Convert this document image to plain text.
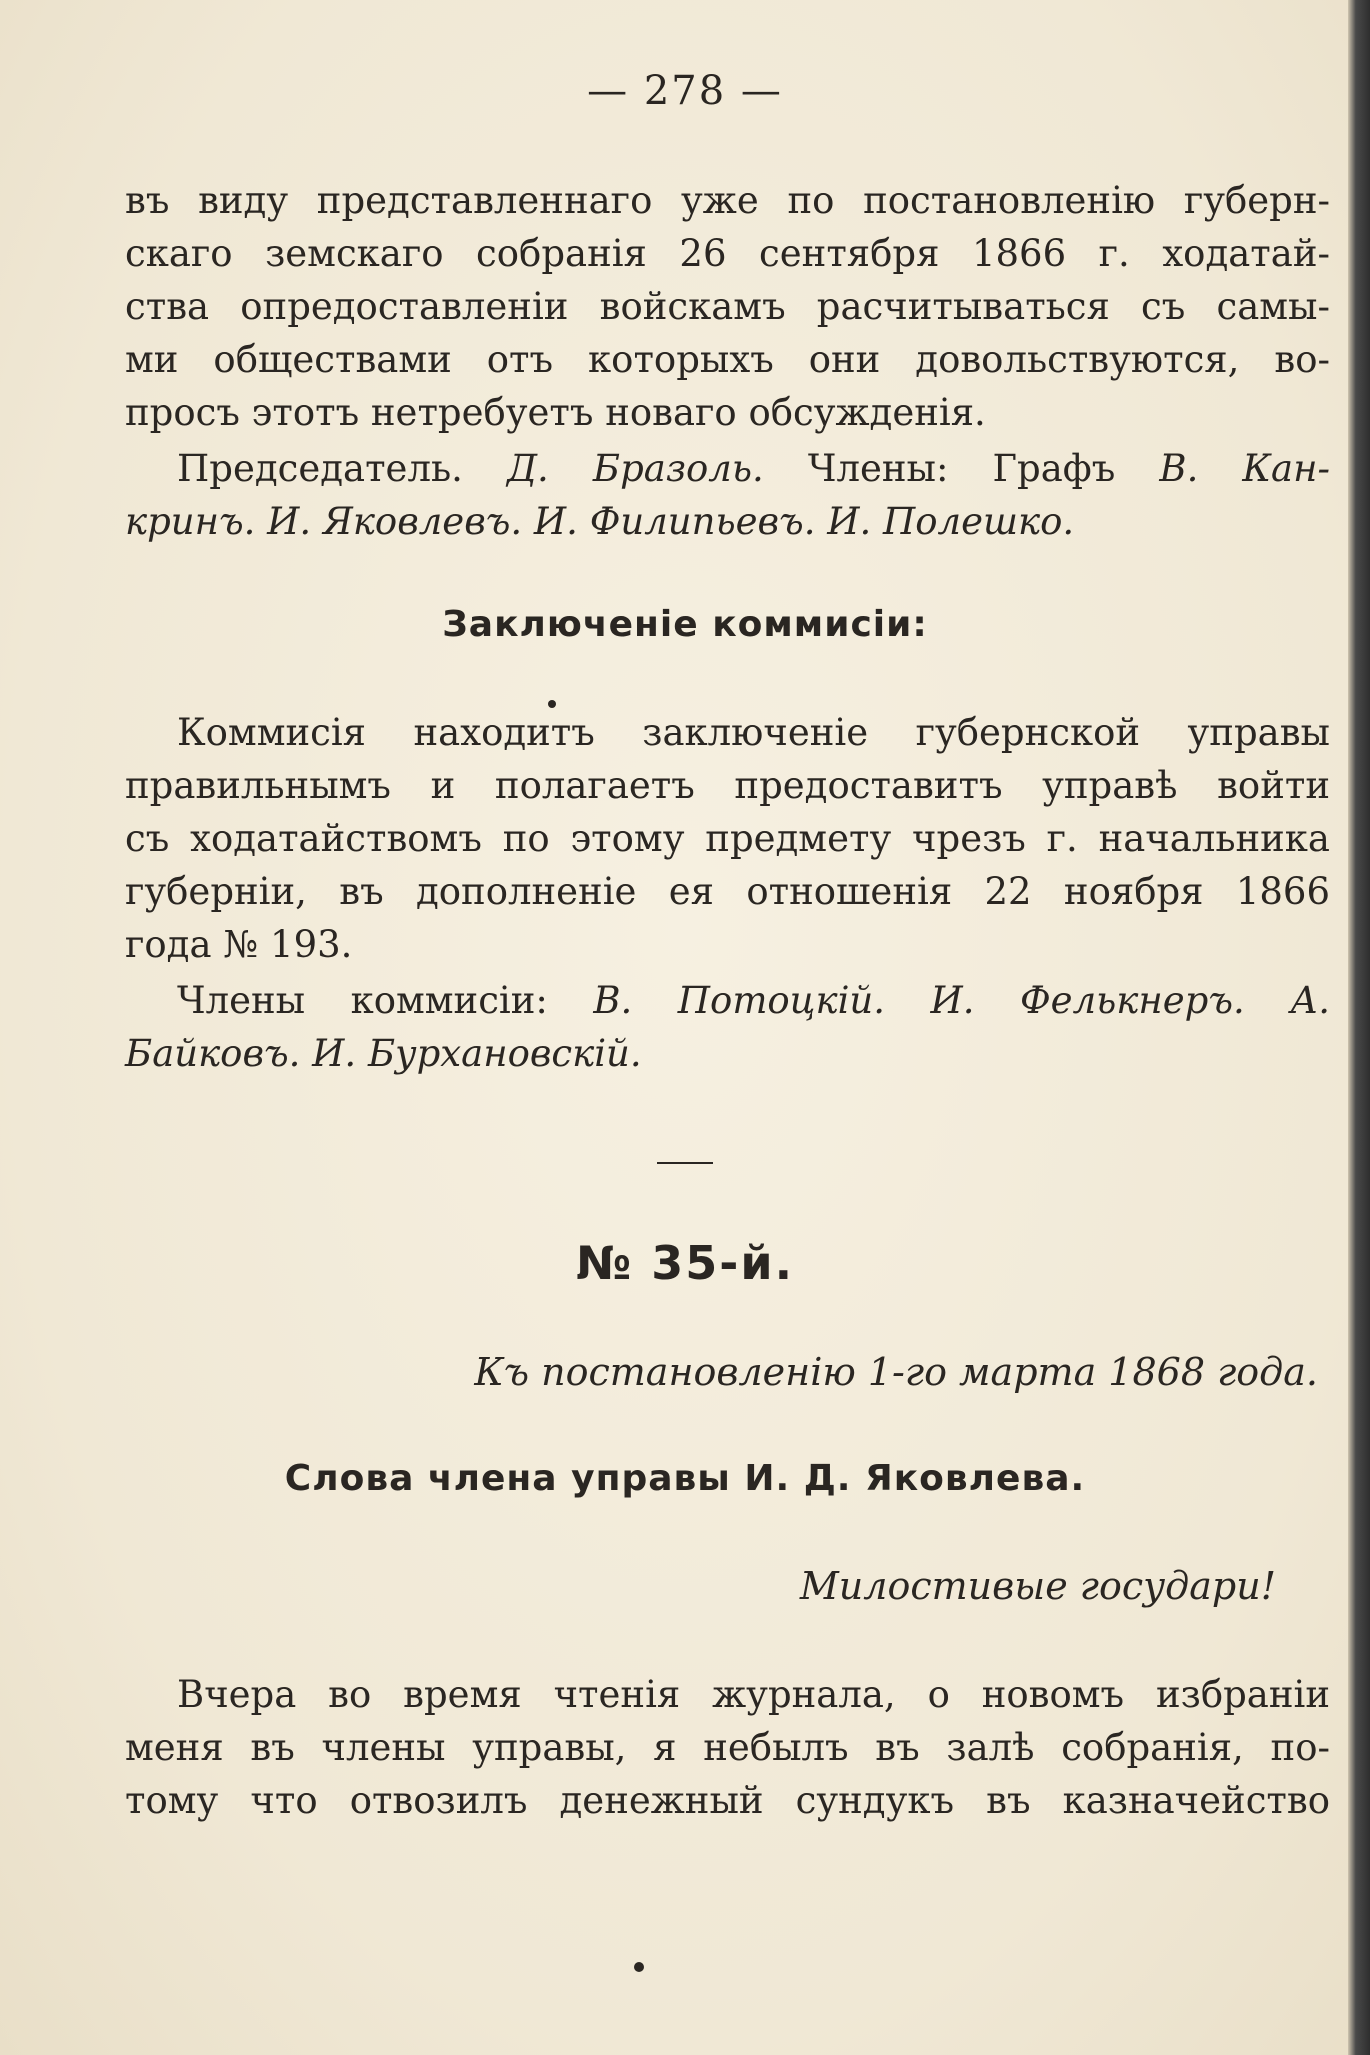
— 278 —
въ виду представленнаго уже по постановленію губерн-
скаго земскаго собранія 26 сентября 1866 г. ходатай-
ства опредоставленіи войскамъ расчитываться съ самы-
ми обществами отъ которыхъ они довольствуются, во-
просъ этотъ нетребуетъ новаго обсужденія.
Председатель. Д. Бразоль. Члены: Графъ В. Кан-
кринъ. И. Яковлевъ. И. Филипьевъ. И. Полешко.
Заключеніе коммисіи:
Коммисія находитъ заключеніе губернской управы
правильнымъ и полагаетъ предоставитъ управѣ войти
съ ходатайствомъ по этому предмету чрезъ г. начальника
губерніи, въ дополненіе ея отношенія 22 ноября 1866
года № 193.
Члены коммисіи: В. Потоцкій. И. Фелькнеръ. А.
Байковъ. И. Бурхановскій.
№ 35-й.
Къ постановленію 1-го марта 1868 года.
Слова члена управы И. Д. Яковлева.
Милостивые государи!
Вчера во время чтенія журнала, о новомъ избраніи
меня въ члены управы, я небылъ въ залѣ собранія, по-
тому что отвозилъ денежный сундукъ въ казначейство
